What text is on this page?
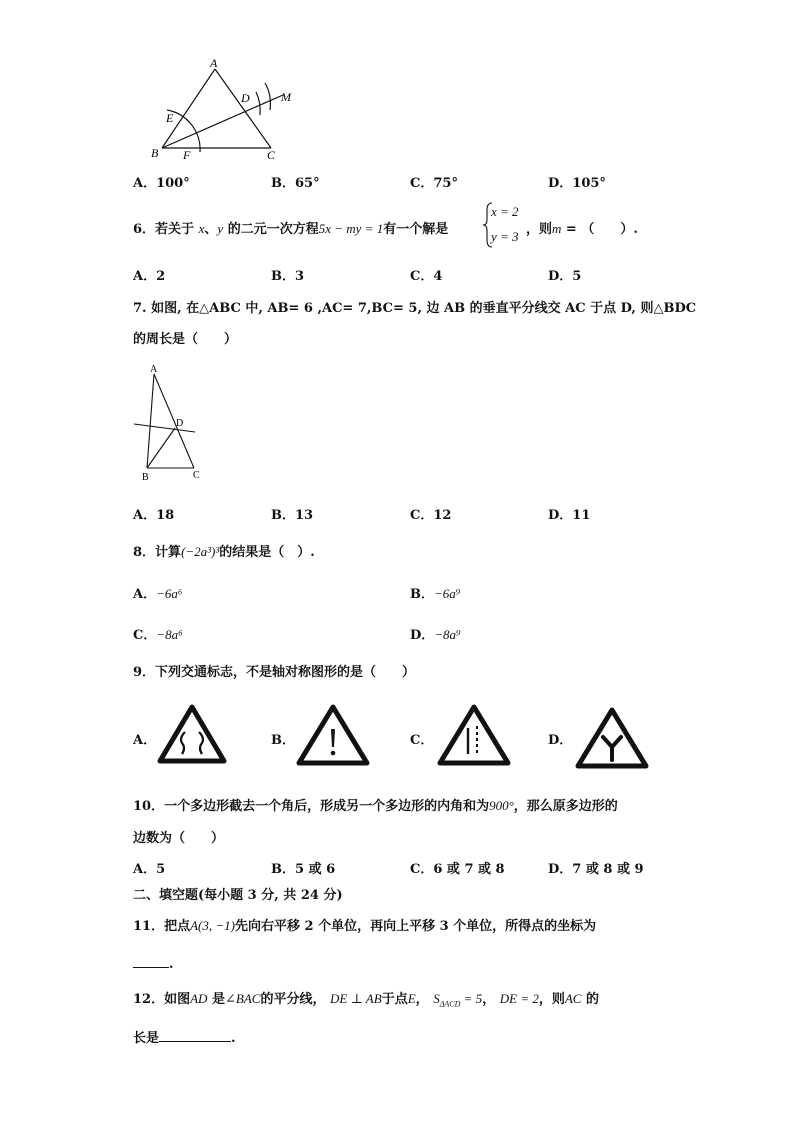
A
D	M
E
B F	C
A．100°	B．65°	C．75°	D．105°
6．若关于 x、y 的二元一次方程5x − my = 1有一个解是
x = 2
y = 3 ，则m = （　　）.
A．2	B．3	C．4	D．5
7. 如图, 在△ABC 中, AB= 6 ,AC= 7,BC= 5, 边 AB 的垂直平分线交 AC 于点 D, 则△BDC
的周长是（　　）
A
D
B	C
A．18	B．13	C．12	D．11
8．计算(−2a³)³的结果是（　）.
A．−6a⁶	B．−6a⁹
C．−8a⁶	D．−8a⁹
9．下列交通标志，不是轴对称图形的是（　　）
A．	B．	C．	D．
10．一个多边形截去一个角后，形成另一个多边形的内角和为900°，那么原多边形的
边数为（　　）
A．5	B．5 或 6	C．6 或 7 或 8	D．7 或 8 或 9
二、填空题(每小题 3 分, 共 24 分)
11．把点A(3, −1)先向右平移 2 个单位，再向上平移 3 个单位，所得点的坐标为
.
12．如图AD 是∠BAC的平分线， DE ⊥ AB于点E， $S_{\Delta ACD} = 5$， DE = 2，则AC 的
长是	.
